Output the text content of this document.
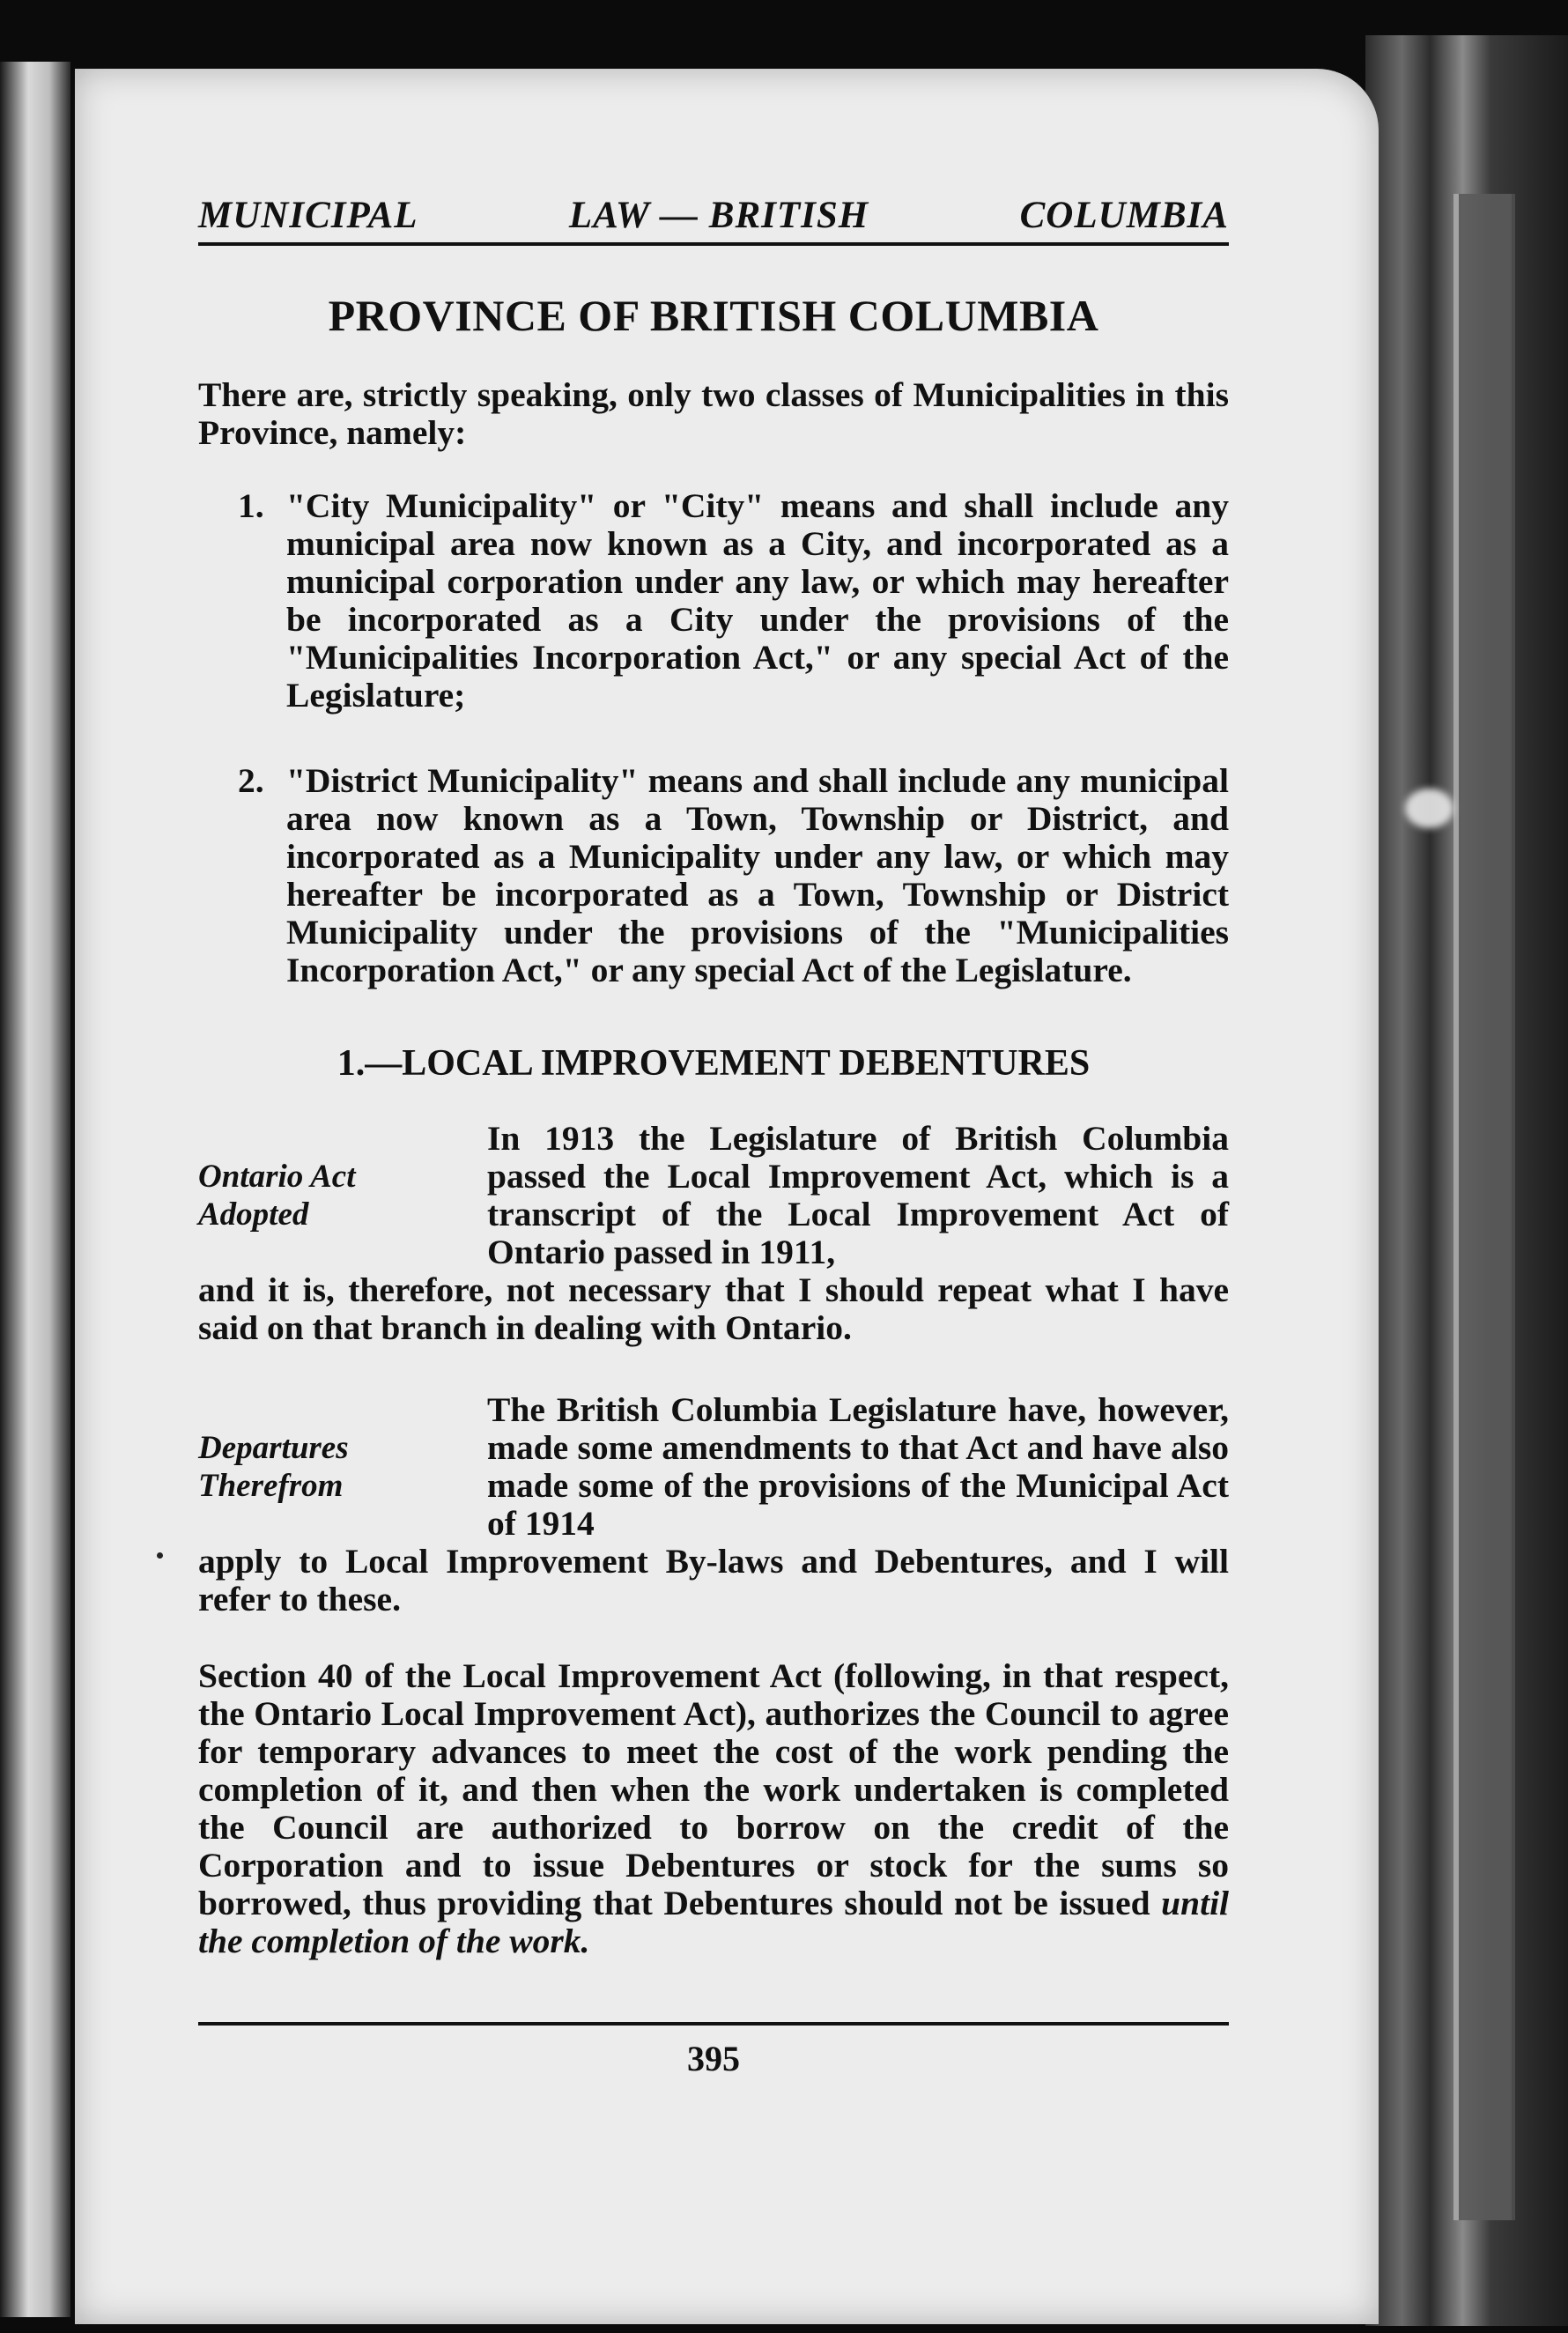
MUNICIPAL	LAW — BRITISH	COLUMBIA
PROVINCE OF BRITISH COLUMBIA

There are, strictly speaking, only two classes of Municipalities in this Province, namely:

1. "City Municipality" or "City" means and shall include any municipal area now known as a City, and incorporated as a municipal corporation under any law, or which may hereafter be incorporated as a City under the provisions of the "Municipalities Incorporation Act," or any special Act of the Legislature;
2. "District Municipality" means and shall include any municipal area now known as a Town, Township or District, and incorporated as a Municipality under any law, or which may hereafter be incorporated as a Town, Township or District Municipality under the provisions of the "Municipalities Incorporation Act," or any special Act of the Legislature.
1.—LOCAL IMPROVEMENT DEBENTURES
Ontario Act
Adopted
In 1913 the Legislature of British Columbia passed the Local Improvement Act, which is a transcript of the Local Improvement Act of Ontario passed in 1911,
and it is, therefore, not necessary that I should repeat what I have said on that branch in dealing with Ontario.
Departures
Therefrom
The British Columbia Legislature have, however, made some amendments to that Act and have also made some of the provisions of the Municipal Act of 1914
apply to Local Improvement By-laws and Debentures, and I will refer to these.

Section 40 of the Local Improvement Act (following, in that respect, the Ontario Local Improvement Act), authorizes the Council to agree for temporary advances to meet the cost of the work pending the completion of it, and then when the work undertaken is completed the Council are authorized to borrow on the credit of the Corporation and to issue Debentures or stock for the sums so borrowed, thus providing that Debentures should not be issued until the completion of the work.

395
